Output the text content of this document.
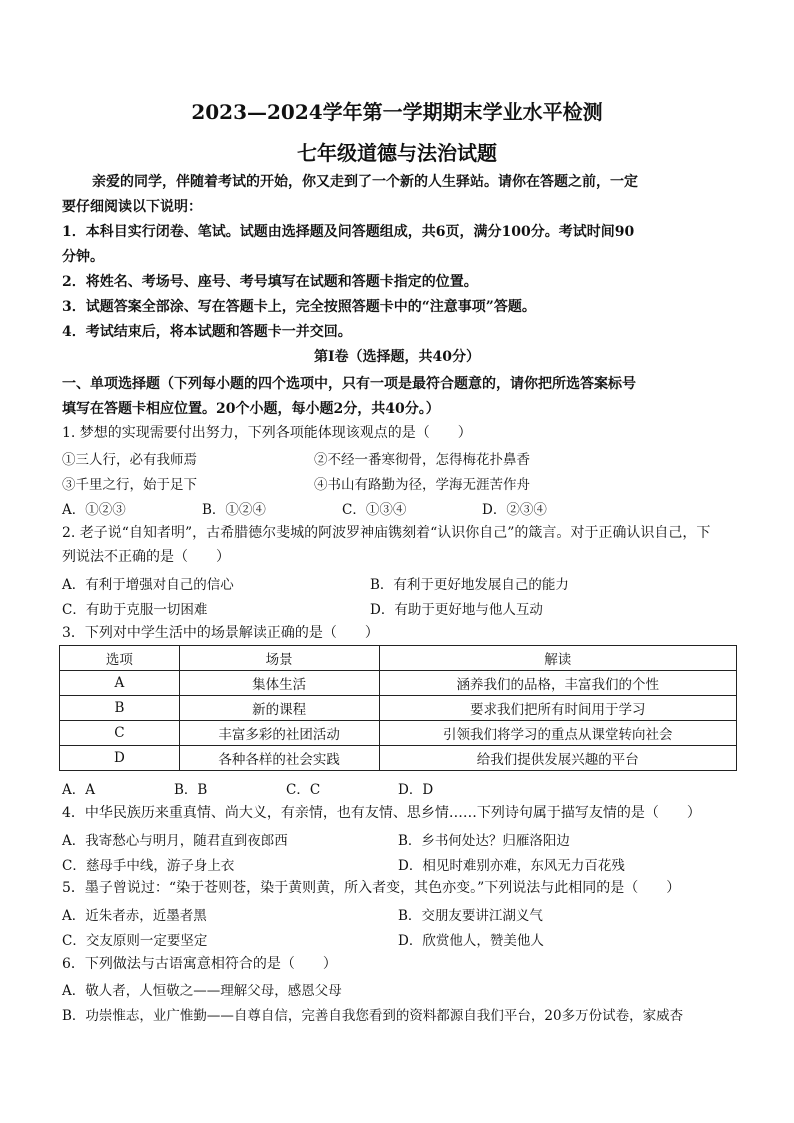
2023—2024学年第一学期期末学业水平检测
七年级道德与法治试题
亲爱的同学，伴随着考试的开始，你又走到了一个新的人生驿站。请你在答题之前，一定
要仔细阅读以下说明：
1．本科目实行闭卷、笔试。试题由选择题及问答题组成，共6页，满分100分。考试时间90
分钟。
2．将姓名、考场号、座号、考号填写在试题和答题卡指定的位置。
3．试题答案全部涂、写在答题卡上，完全按照答题卡中的“注意事项”答题。
4．考试结束后，将本试题和答题卡一并交回。
第Ⅰ卷（选择题，共40分）
一、单项选择题（下列每小题的四个选项中，只有一项是最符合题意的，请你把所选答案标号
填写在答题卡相应位置。20个小题，每小题2分，共40分。）
1. 梦想的实现需要付出努力，下列各项能体现该观点的是（　　）
①三人行，必有我师焉	②不经一番寒彻骨，怎得梅花扑鼻香
③千里之行，始于足下	④书山有路勤为径，学海无涯苦作舟
A．①②③	B．①②④	C．①③④	D．②③④
2. 老子说“自知者明”，古希腊德尔斐城的阿波罗神庙镌刻着“认识你自己”的箴言。对于正确认识自己，下
列说法不正确的是（　　）
A．有利于增强对自己的信心	B．有利于更好地发展自己的能力
C．有助于克服一切困难	D．有助于更好地与他人互动
3．下列对中学生活中的场景解读正确的是（　　）
选项	场景	解读
A	集体生活	涵养我们的品格，丰富我们的个性
B	新的课程	要求我们把所有时间用于学习
C	丰富多彩的社团活动	引领我们将学习的重点从课堂转向社会
D	各种各样的社会实践	给我们提供发展兴趣的平台
A．A	B．B	C．C	D．D
4．中华民族历来重真情、尚大义，有亲情，也有友情、思乡情……下列诗句属于描写友情的是（　　）
A．我寄愁心与明月，随君直到夜郎西	B．乡书何处达？归雁洛阳边
C．慈母手中线，游子身上衣	D．相见时难别亦难，东风无力百花残
5．墨子曾说过：“染于苍则苍，染于黄则黄，所入者变，其色亦变。”下列说法与此相同的是（　　）
A．近朱者赤，近墨者黑	B．交朋友要讲江湖义气
C．交友原则一定要坚定	D．欣赏他人，赞美他人
6．下列做法与古语寓意相符合的是（　　）
A．敬人者，人恒敬之——理解父母，感恩父母
B．功崇惟志，业广惟勤——自尊自信，完善自我您看到的资料都源自我们平台，20多万份试卷，家威杏
